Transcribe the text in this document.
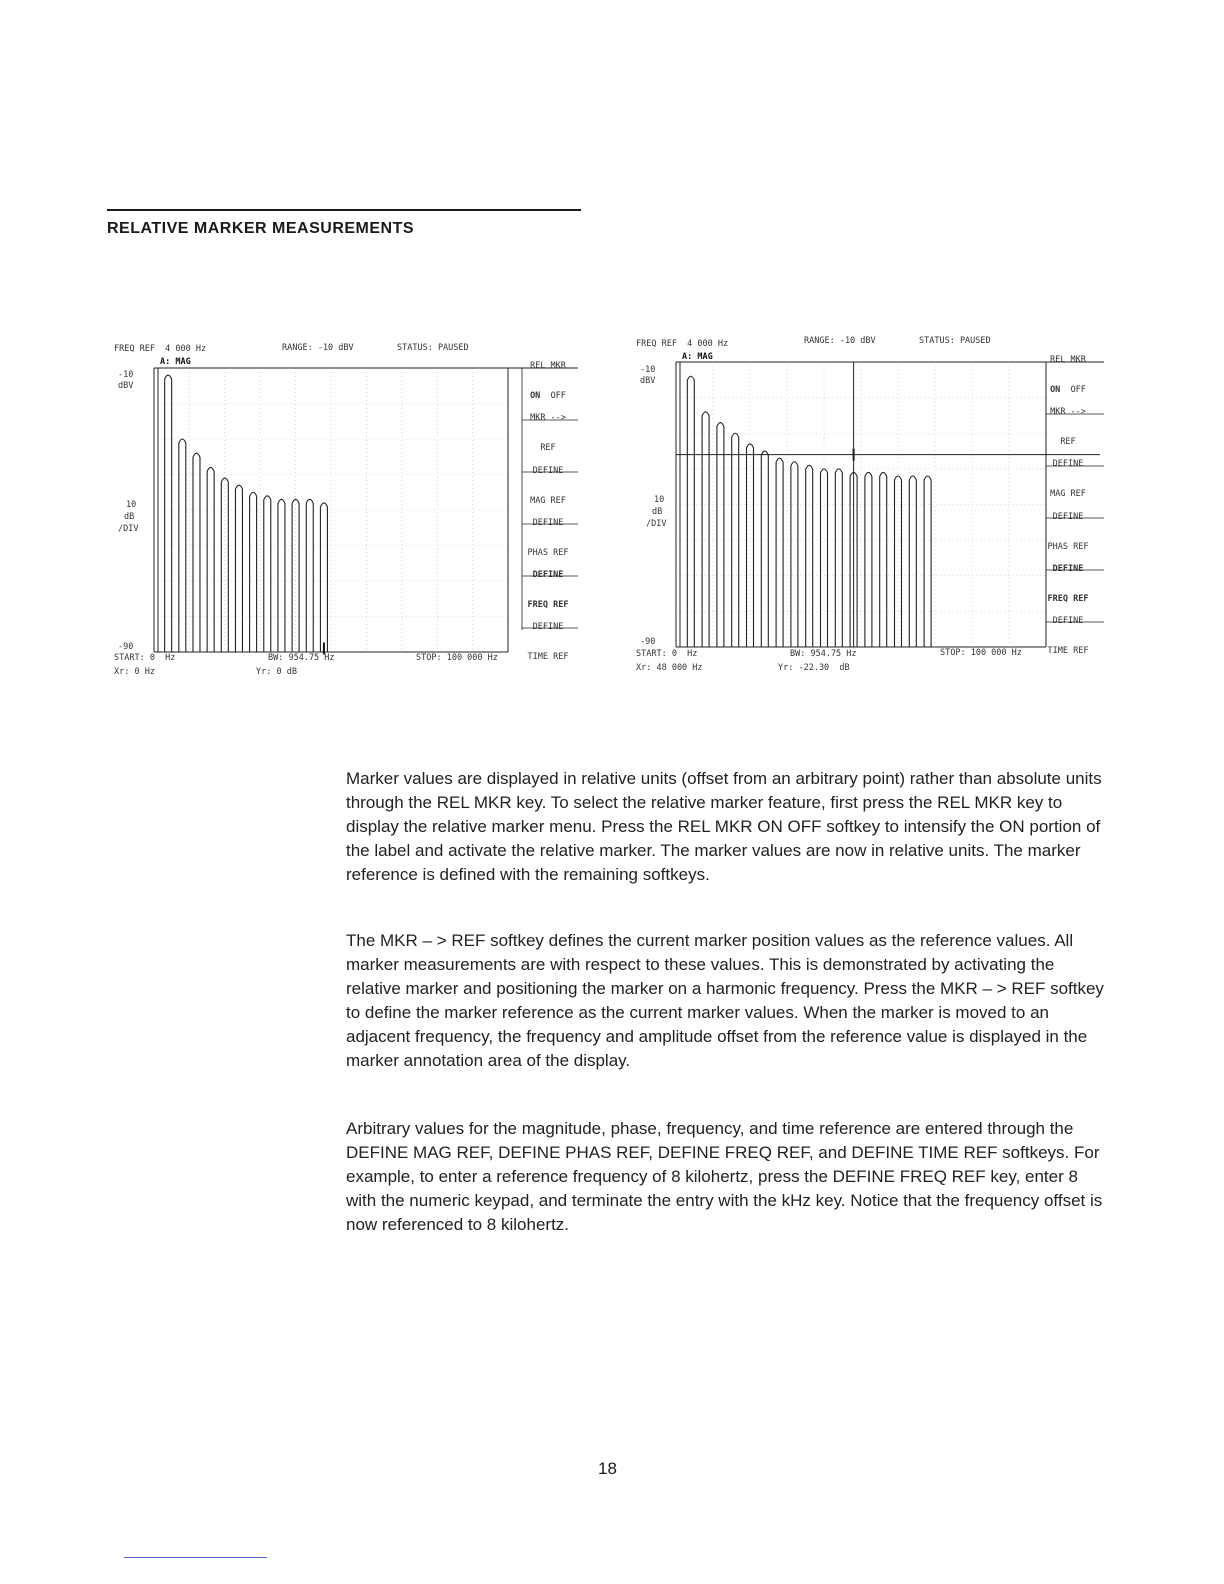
RELATIVE MARKER MEASUREMENTS
FREQ REF  4 000 Hz	RANGE: -10 dBV	STATUS: PAUSED
A: MAG
-10
dBV
10
dB
/DIV
-90
START: 0  Hz	BW: 954.75 Hz	STOP: 100 000 Hz
Xr: 0 Hz	Yr: 0 dB

REL MKR

ON OFF

MKR -->

REF

DEFINE

MAG REF

DEFINE

PHAS REF

DEFINE

FREQ REF

DEFINE

TIME REF

FREQ REF  4 000 Hz	RANGE: -10 dBV	STATUS: PAUSED
A: MAG
-10
dBV
10
dB
/DIV
-90
START: 0  Hz	BW: 954.75 Hz	STOP: 100 000 Hz
Xr: 48 000 Hz	Yr: -22.30  dB

REL MKR

ON OFF

MKR -->

REF

DEFINE

MAG REF

DEFINE

PHAS REF

DEFINE

FREQ REF

DEFINE

TIME REF

Marker values are displayed in relative units (offset from an arbitrary point) rather than absolute units through the REL MKR key. To select the relative marker feature, first press the REL MKR key to display the relative marker menu. Press the REL MKR ON OFF softkey to intensify the ON portion of the label and activate the relative marker. The marker values are now in relative units. The marker reference is defined with the remaining softkeys.

The MKR – > REF softkey defines the current marker position values as the reference values. All marker measurements are with respect to these values. This is demonstrated by activating the relative marker and positioning the marker on a harmonic frequency. Press the MKR – > REF softkey to define the marker reference as the current marker values. When the marker is moved to an adjacent frequency, the frequency and amplitude offset from the reference value is displayed in the marker annotation area of the display.

Arbitrary values for the magnitude, phase, frequency, and time reference are entered through the DEFINE MAG REF, DEFINE PHAS REF, DEFINE FREQ REF, and DEFINE TIME REF softkeys. For example, to enter a reference frequency of 8 kilohertz, press the DEFINE FREQ REF key, enter 8 with the numeric keypad, and terminate the entry with the kHz key. Notice that the frequency offset is now referenced to 8 kilohertz.

18
